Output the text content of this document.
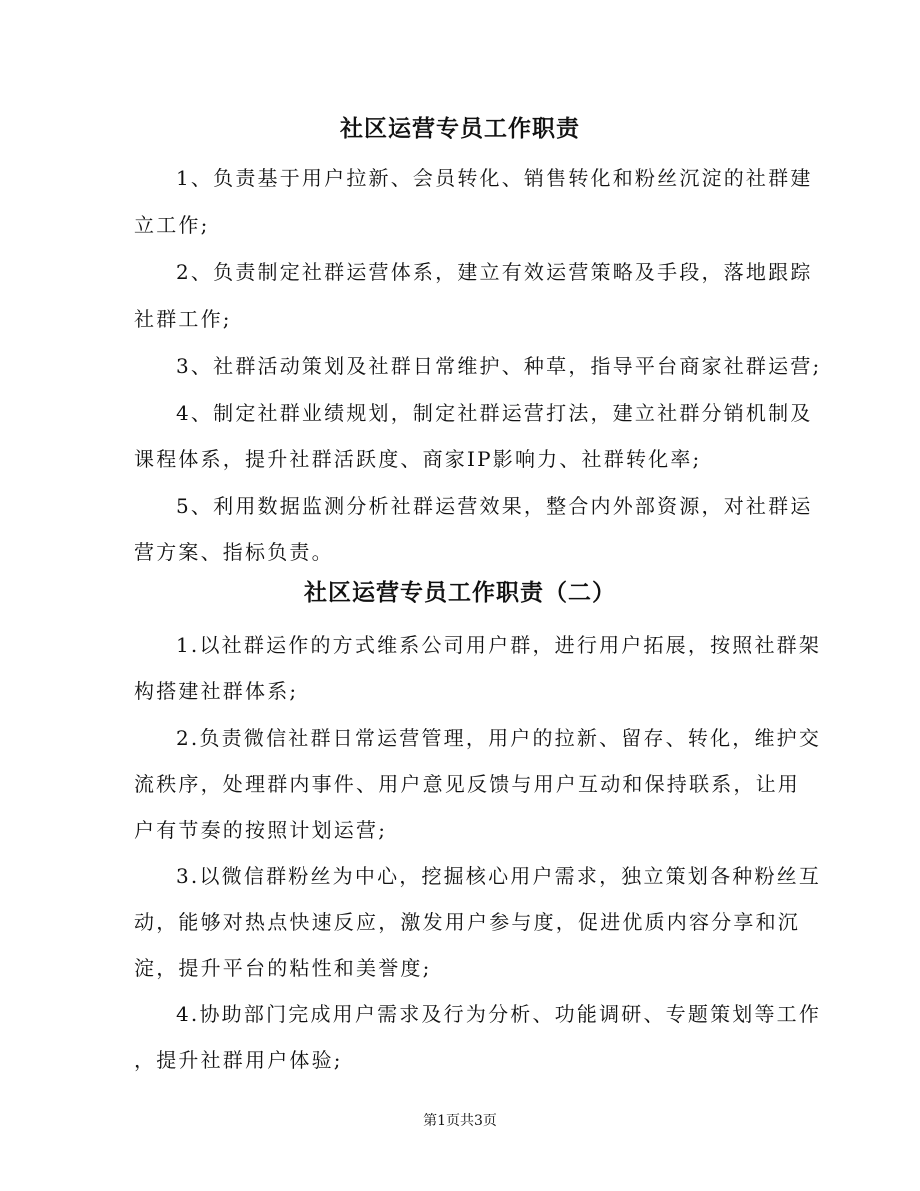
社区运营专员工作职责
1、负责基于用户拉新、会员转化、销售转化和粉丝沉淀的社群建
立工作;
2、负责制定社群运营体系，建立有效运营策略及手段，落地跟踪
社群工作;
3、社群活动策划及社群日常维护、种草，指导平台商家社群运营;
4、制定社群业绩规划，制定社群运营打法，建立社群分销机制及
课程体系，提升社群活跃度、商家IP影响力、社群转化率;
5、利用数据监测分析社群运营效果，整合内外部资源，对社群运
营方案、指标负责。
社区运营专员工作职责（二）
1.以社群运作的方式维系公司用户群，进行用户拓展，按照社群架
构搭建社群体系;
2.负责微信社群日常运营管理，用户的拉新、留存、转化，维护交
流秩序，处理群内事件、用户意见反馈与用户互动和保持联系，让用
户有节奏的按照计划运营;
3.以微信群粉丝为中心，挖掘核心用户需求，独立策划各种粉丝互
动，能够对热点快速反应，激发用户参与度，促进优质内容分享和沉
淀，提升平台的粘性和美誉度;
4.协助部门完成用户需求及行为分析、功能调研、专题策划等工作
，提升社群用户体验;
第1页共3页
